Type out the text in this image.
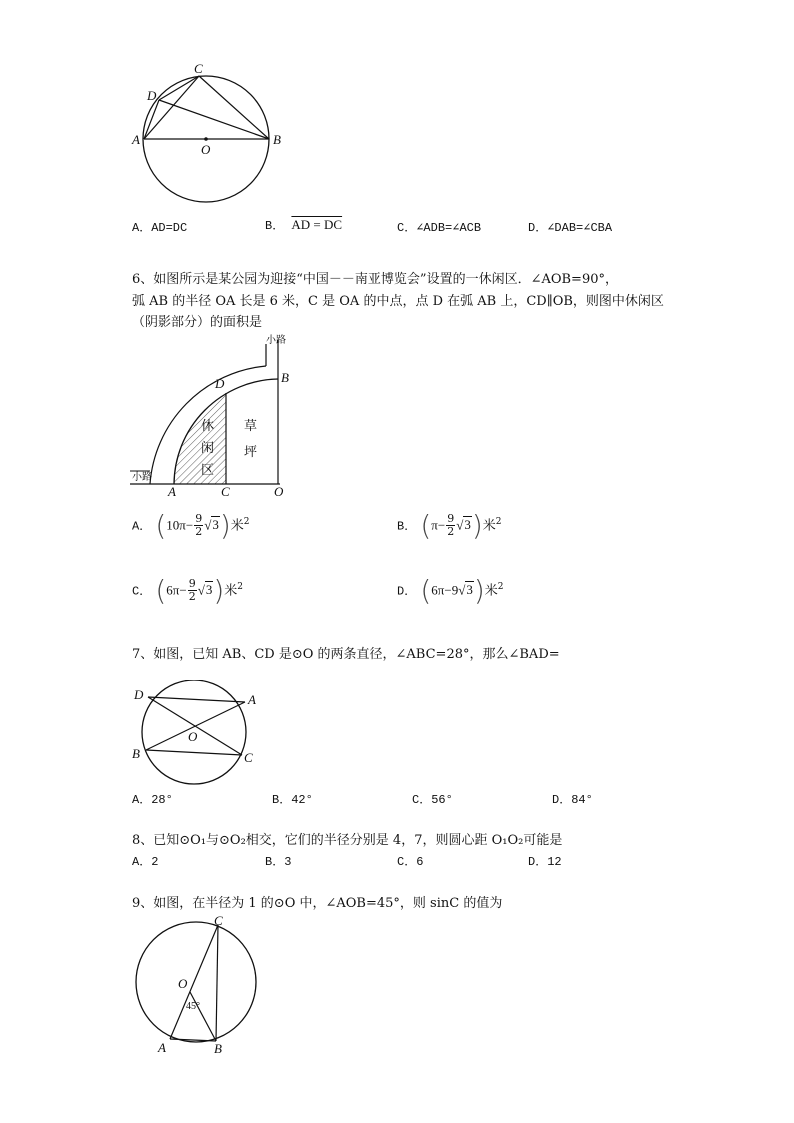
A	B
C
D
O
A．AD=DC	B． AD = DC	C．∠ADB=∠ACB	D．∠DAB=∠CBA
6、如图所示是某公园为迎接“中国－－南亚博览会”设置的一休闲区．∠AOB=90°，
弧 AB 的半径 OA 长是 6 米，C 是 OA 的中点，点 D 在弧 AB 上，CD∥OB，则图中休闲区
（阴影部分）的面积是
A	C	O
B
D
休
闲
区
草
坪
小路
小路
A． $(10\pi- \frac{9}{2} √3)$米$^2$	B． $(\pi- \frac{9}{2} √3)$米$^2$
C． $(6\pi- \frac{9}{2} √3)$米$^2$	D． (6π−9√3)米$^2$
7、如图，已知 AB、CD 是⊙O 的两条直径，∠ABC=28°，那么∠BAD=
D	A
B	C
O
A．28°	B．42°	C．56°	D．84°
8、已知⊙O₁与⊙O₂相交，它们的半径分别是 4，7，则圆心距 O₁O₂可能是
A．2	B．3	C．6	D．12
9、如图，在半径为 1 的⊙O 中，∠AOB=45°，则 sinC 的值为
O
45°
C
A	B
